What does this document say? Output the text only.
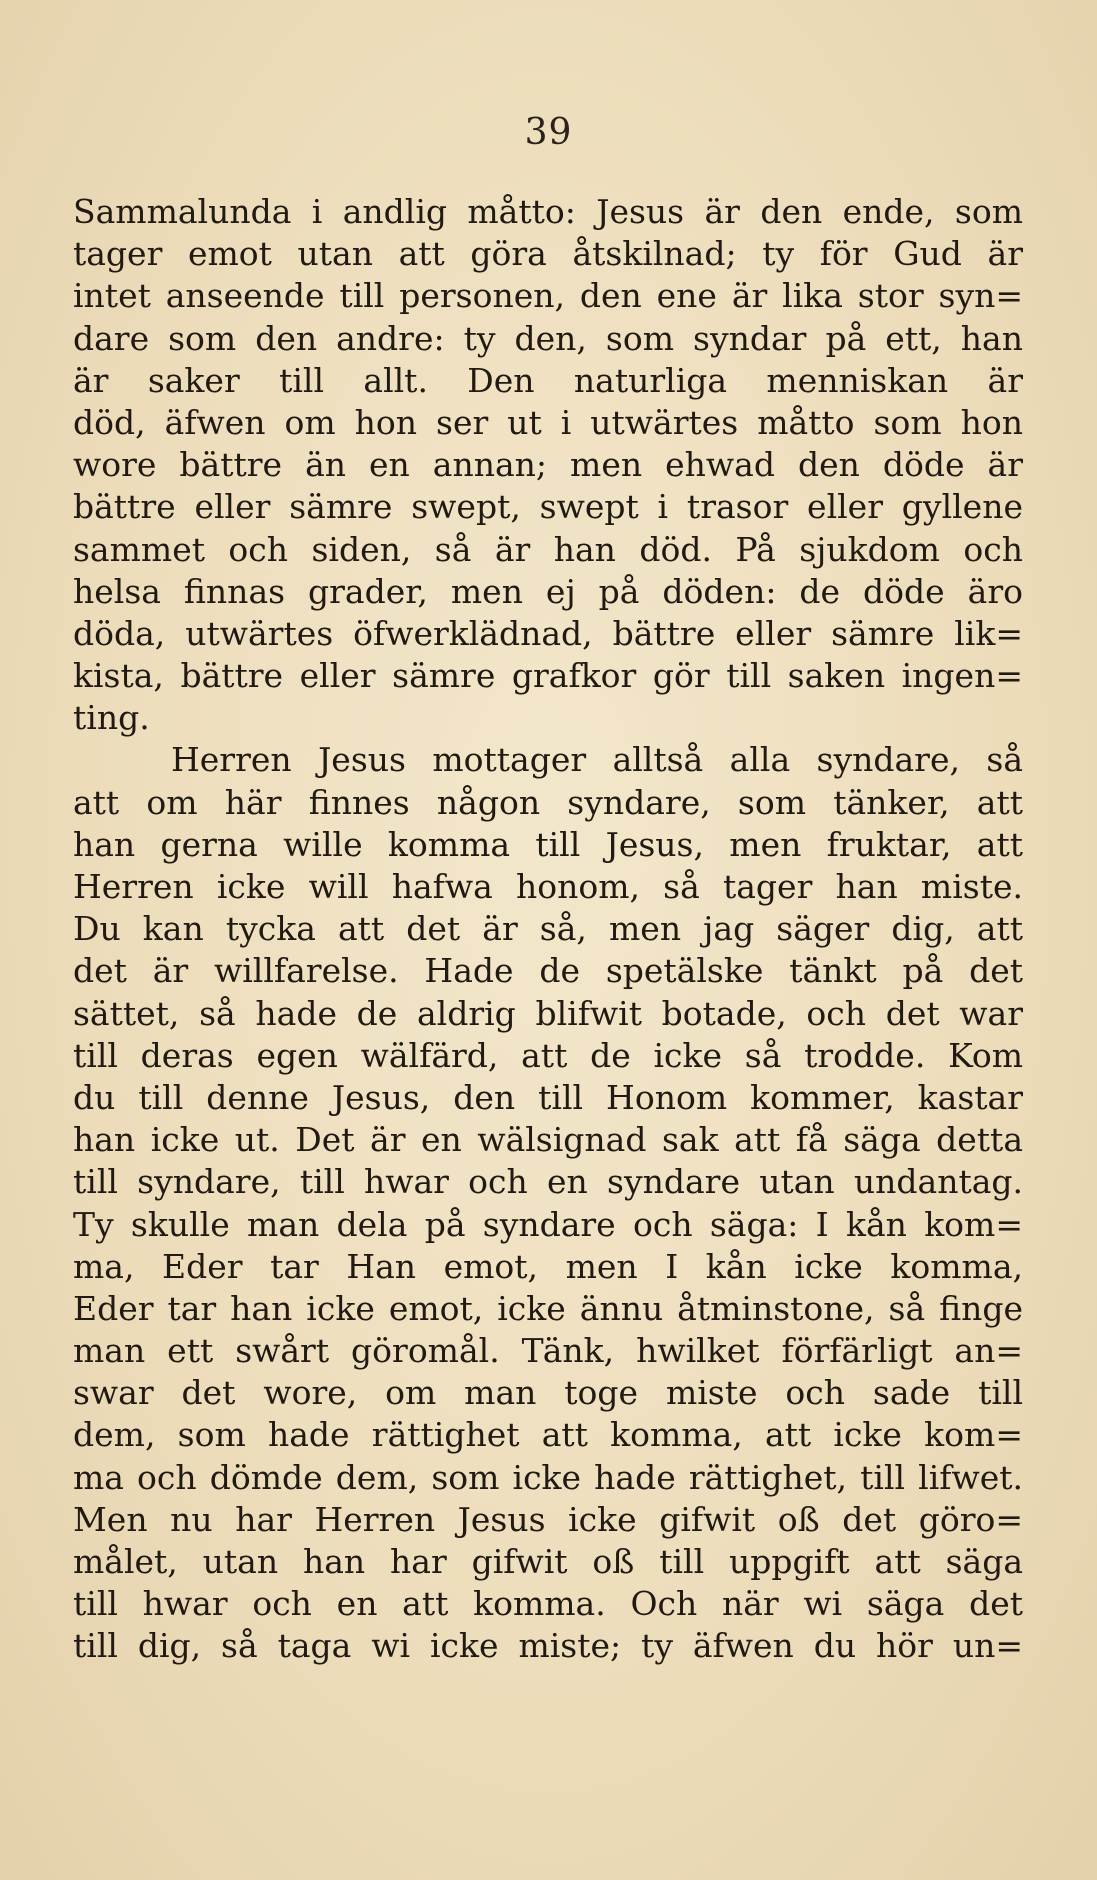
39
Sammalunda i andlig måtto: Jesus är den ende, som
tager emot utan att göra åtskilnad; ty för Gud är
intet anseende till personen, den ene är lika stor syn=
dare som den andre: ty den, som syndar på ett, han
är saker till allt. Den naturliga menniskan är
död, äfwen om hon ser ut i utwärtes måtto som hon
wore bättre än en annan; men ehwad den döde är
bättre eller sämre swept, swept i trasor eller gyllene
sammet och siden, så är han död. På sjukdom och
helsa finnas grader, men ej på döden: de döde äro
döda, utwärtes öfwerklädnad, bättre eller sämre lik=
kista, bättre eller sämre grafkor gör till saken ingen=
ting.
Herren Jesus mottager alltså alla syndare, så
att om här finnes någon syndare, som tänker, att
han gerna wille komma till Jesus, men fruktar, att
Herren icke will hafwa honom, så tager han miste.
Du kan tycka att det är så, men jag säger dig, att
det är willfarelse. Hade de spetälske tänkt på det
sättet, så hade de aldrig blifwit botade, och det war
till deras egen wälfärd, att de icke så trodde. Kom
du till denne Jesus, den till Honom kommer, kastar
han icke ut. Det är en wälsignad sak att få säga detta
till syndare, till hwar och en syndare utan undantag.
Ty skulle man dela på syndare och säga: I kån kom=
ma, Eder tar Han emot, men I kån icke komma,
Eder tar han icke emot, icke ännu åtminstone, så finge
man ett swårt göromål. Tänk, hwilket förfärligt an=
swar det wore, om man toge miste och sade till
dem, som hade rättighet att komma, att icke kom=
ma och dömde dem, som icke hade rättighet, till lifwet.
Men nu har Herren Jesus icke gifwit oß det göro=
målet, utan han har gifwit oß till uppgift att säga
till hwar och en att komma. Och när wi säga det
till dig, så taga wi icke miste; ty äfwen du hör un=
